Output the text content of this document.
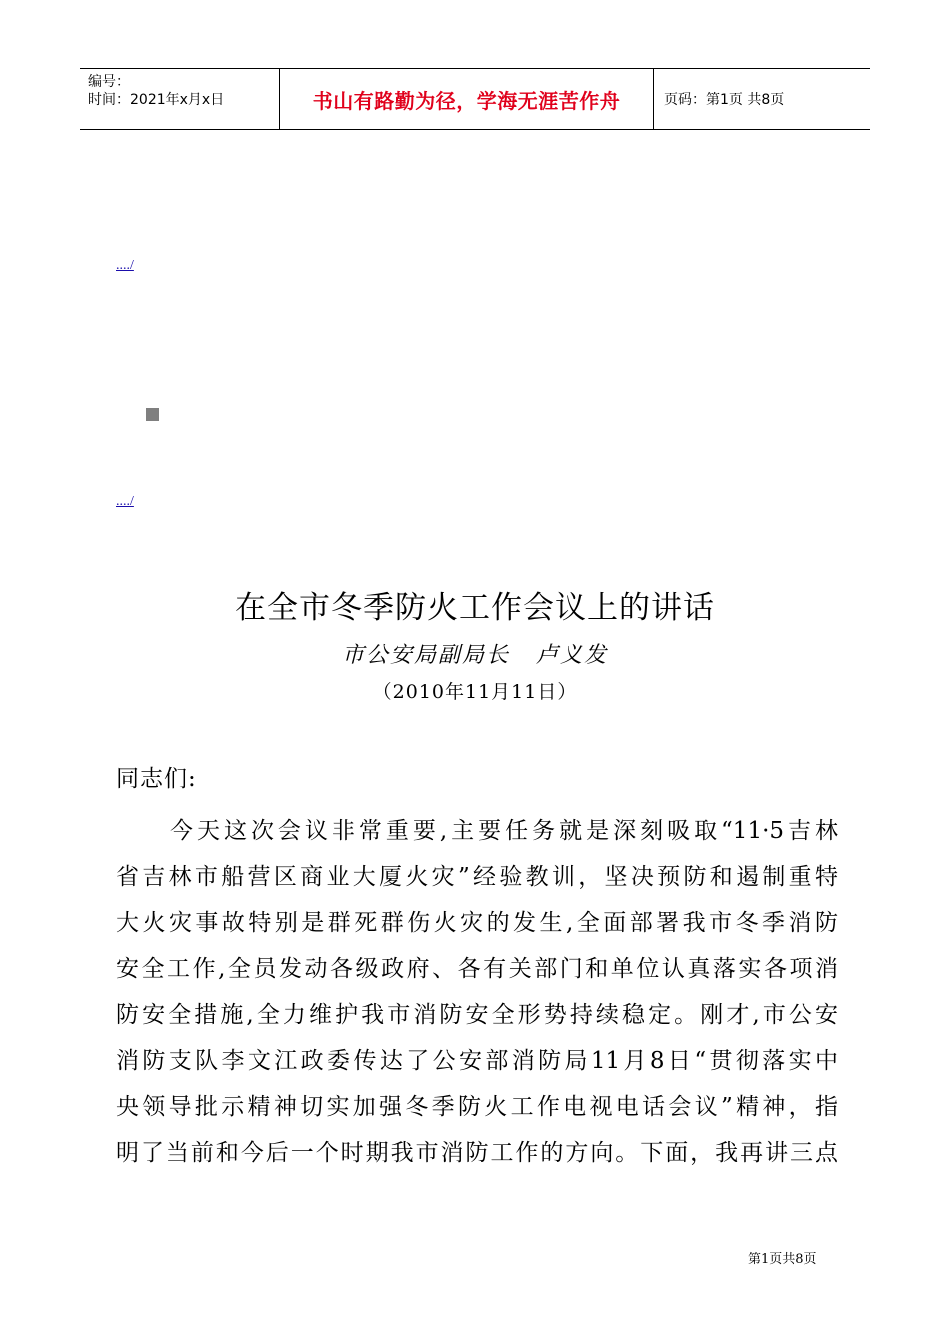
编号：
时间：2021年x月x日	书山有路勤为径，学海无涯苦作舟	页码：第1页 共8页
..../
..../
在全市冬季防火工作会议上的讲话
市公安局副局长 卢义发
（2010年11月11日）
同志们:
　　今天这次会议非常重要,主要任务就是深刻吸取“11·5吉林
省吉林市船营区商业大厦火灾”经验教训，坚决预防和遏制重特
大火灾事故特别是群死群伤火灾的发生,全面部署我市冬季消防
安全工作,全员发动各级政府、各有关部门和单位认真落实各项消
防安全措施,全力维护我市消防安全形势持续稳定。刚才,市公安
消防支队李文江政委传达了公安部消防局11月8日“贯彻落实中
央领导批示精神切实加强冬季防火工作电视电话会议”精神，指
明了当前和今后一个时期我市消防工作的方向。下面，我再讲三点
第1页共8页
